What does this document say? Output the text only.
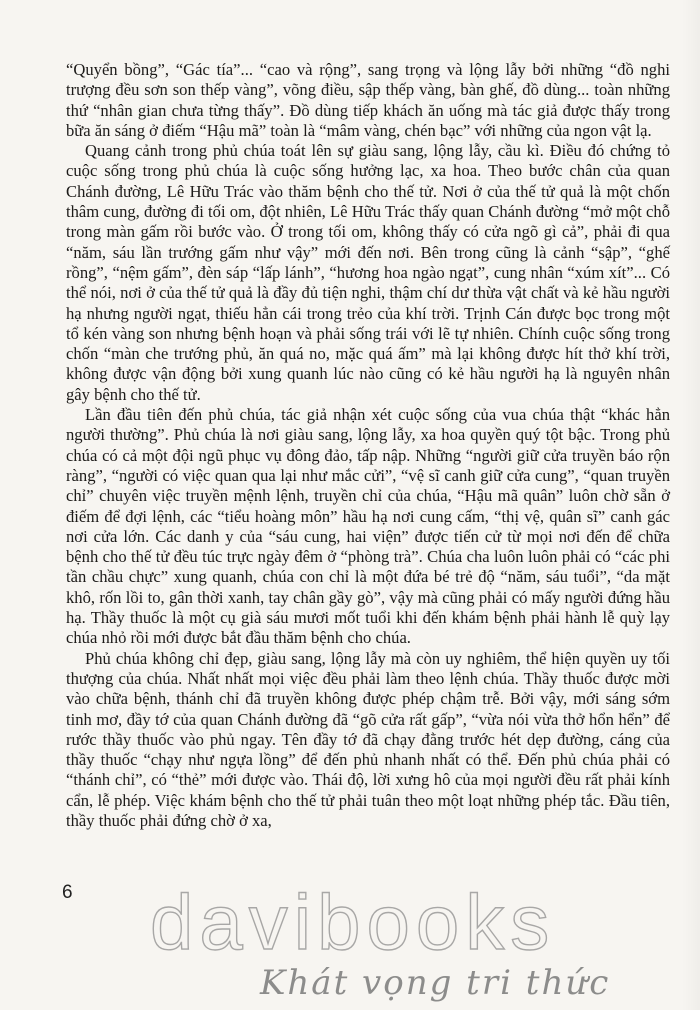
“Quyển bồng”, “Gác tía”... “cao và rộng”, sang trọng và lộng lẫy bởi những “đồ nghi trượng đều sơn son thếp vàng”, võng điều, sập thếp vàng, bàn ghế, đồ dùng... toàn những thứ “nhân gian chưa từng thấy”. Đồ dùng tiếp khách ăn uống mà tác giả được thấy trong bữa ăn sáng ở điếm “Hậu mã” toàn là “mâm vàng, chén bạc” với những của ngon vật lạ.

Quang cảnh trong phủ chúa toát lên sự giàu sang, lộng lẫy, cầu kì. Điều đó chứng tỏ cuộc sống trong phủ chúa là cuộc sống hưởng lạc, xa hoa. Theo bước chân của quan Chánh đường, Lê Hữu Trác vào thăm bệnh cho thế tử. Nơi ở của thế tử quả là một chốn thâm cung, đường đi tối om, đột nhiên, Lê Hữu Trác thấy quan Chánh đường “mở một chỗ trong màn gấm rồi bước vào. Ở trong tối om, không thấy có cửa ngõ gì cả”, phải đi qua “năm, sáu lần trướng gấm như vậy” mới đến nơi. Bên trong cũng là cảnh “sập”, “ghế rồng”, “nệm gấm”, đèn sáp “lấp lánh”, “hương hoa ngào ngạt”, cung nhân “xúm xít”... Có thể nói, nơi ở của thế tử quả là đầy đủ tiện nghi, thậm chí dư thừa vật chất và kẻ hầu người hạ nhưng người ngạt, thiếu hẳn cái trong trẻo của khí trời. Trịnh Cán được bọc trong một tổ kén vàng son nhưng bệnh hoạn và phải sống trái với lẽ tự nhiên. Chính cuộc sống trong chốn “màn che trướng phủ, ăn quá no, mặc quá ấm” mà lại không được hít thở khí trời, không được vận động bởi xung quanh lúc nào cũng có kẻ hầu người hạ là nguyên nhân gây bệnh cho thế tử.

Lần đầu tiên đến phủ chúa, tác giả nhận xét cuộc sống của vua chúa thật “khác hẳn người thường”. Phủ chúa là nơi giàu sang, lộng lẫy, xa hoa quyền quý tột bậc. Trong phủ chúa có cả một đội ngũ phục vụ đông đảo, tấp nập. Những “người giữ cửa truyền báo rộn ràng”, “người có việc quan qua lại như mắc cửi”, “vệ sĩ canh giữ cửa cung”, “quan truyền chỉ” chuyên việc truyền mệnh lệnh, truyền chỉ của chúa, “Hậu mã quân” luôn chờ sẵn ở điếm để đợi lệnh, các “tiểu hoàng môn” hầu hạ nơi cung cấm, “thị vệ, quân sĩ” canh gác nơi cửa lớn. Các danh y của “sáu cung, hai viện” được tiến cử từ mọi nơi đến để chữa bệnh cho thế tử đều túc trực ngày đêm ở “phòng trà”. Chúa cha luôn luôn phải có “các phi tần chầu chực” xung quanh, chúa con chỉ là một đứa bé trẻ độ “năm, sáu tuổi”, “da mặt khô, rốn lồi to, gân thời xanh, tay chân gầy gò”, vậy mà cũng phải có mấy người đứng hầu hạ. Thầy thuốc là một cụ già sáu mươi mốt tuổi khi đến khám bệnh phải hành lễ quỳ lạy chúa nhỏ rồi mới được bắt đầu thăm bệnh cho chúa.

Phủ chúa không chỉ đẹp, giàu sang, lộng lẫy mà còn uy nghiêm, thể hiện quyền uy tối thượng của chúa. Nhất nhất mọi việc đều phải làm theo lệnh chúa. Thầy thuốc được mời vào chữa bệnh, thánh chỉ đã truyền không được phép chậm trễ. Bởi vậy, mới sáng sớm tinh mơ, đầy tớ của quan Chánh đường đã “gõ cửa rất gấp”, “vừa nói vừa thở hổn hển” để rước thầy thuốc vào phủ ngay. Tên đầy tớ đã chạy đằng trước hét dẹp đường, cáng của thầy thuốc “chạy như ngựa lồng” để đến phủ nhanh nhất có thể. Đến phủ chúa phải có “thánh chỉ”, có “thẻ” mới được vào. Thái độ, lời xưng hô của mọi người đều rất phải kính cẩn, lễ phép. Việc khám bệnh cho thế tử phải tuân theo một loạt những phép tắc. Đầu tiên, thầy thuốc phải đứng chờ ở xa,

6 davibooks
Khát vọng tri thức
